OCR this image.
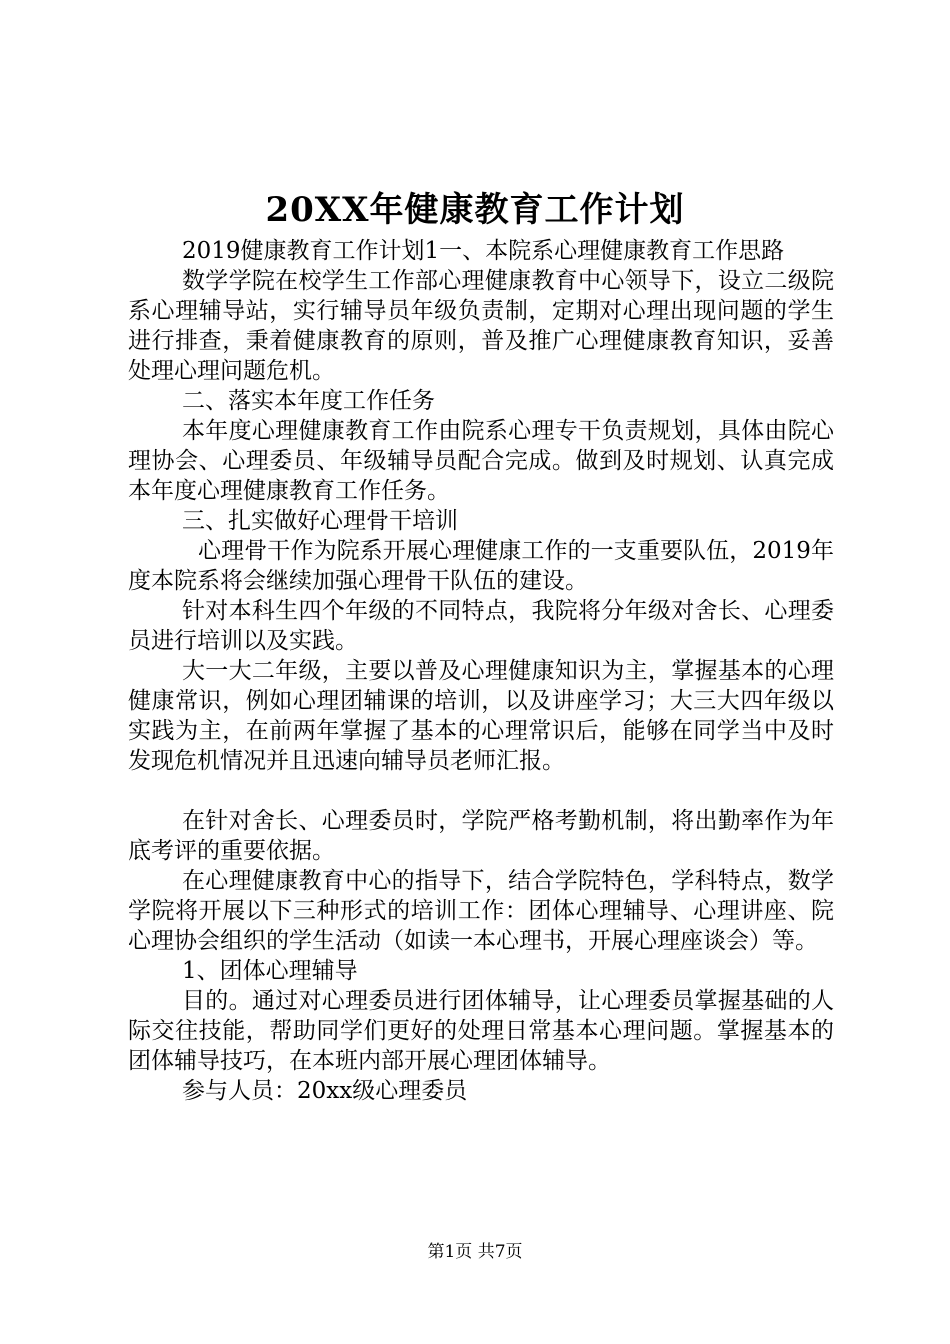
20XX年健康教育工作计划

2019健康教育工作计划1一、本院系心理健康教育工作思路

数学学院在校学生工作部心理健康教育中心领导下，设立二级院系心理辅导站，实行辅导员年级负责制，定期对心理出现问题的学生进行排查，秉着健康教育的原则，普及推广心理健康教育知识，妥善处理心理问题危机。

二、落实本年度工作任务

本年度心理健康教育工作由院系心理专干负责规划，具体由院心理协会、心理委员、年级辅导员配合完成。做到及时规划、认真完成本年度心理健康教育工作任务。

三、扎实做好心理骨干培训

心理骨干作为院系开展心理健康工作的一支重要队伍，2019年度本院系将会继续加强心理骨干队伍的建设。

针对本科生四个年级的不同特点，我院将分年级对舍长、心理委员进行培训以及实践。

大一大二年级，主要以普及心理健康知识为主，掌握基本的心理健康常识，例如心理团辅课的培训，以及讲座学习；大三大四年级以实践为主，在前两年掌握了基本的心理常识后，能够在同学当中及时发现危机情况并且迅速向辅导员老师汇报。

在针对舍长、心理委员时，学院严格考勤机制，将出勤率作为年底考评的重要依据。

在心理健康教育中心的指导下，结合学院特色，学科特点，数学学院将开展以下三种形式的培训工作：团体心理辅导、心理讲座、院心理协会组织的学生活动（如读一本心理书，开展心理座谈会）等。

1、团体心理辅导

目的。通过对心理委员进行团体辅导，让心理委员掌握基础的人际交往技能，帮助同学们更好的处理日常基本心理问题。掌握基本的团体辅导技巧，在本班内部开展心理团体辅导。

参与人员：20xx级心理委员

第1页 共7页
